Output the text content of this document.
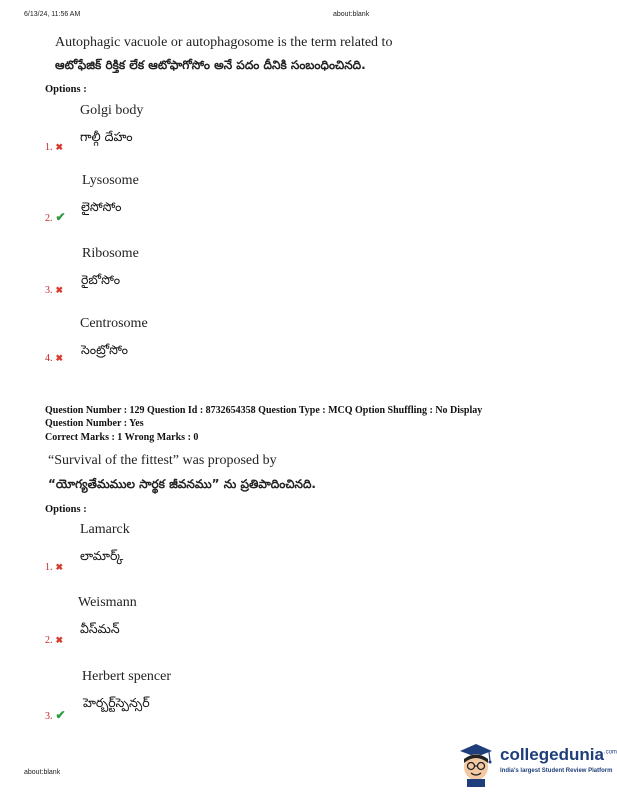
6/13/24, 11:56 AM	about:blank
Autophagic vacuole or autophagosome is the term related to
ఆటోఫేజిక్ రిక్తిక లేక ఆటోఫాగోసోం అనే పదం దీనికి సంబంధించినది.
Options :
Golgi body
గాల్గీ దేహం
1. ✖
Lysosome
లైసోసోం
2. ✔
Ribosome
రైబోసోం
3. ✖
Centrosome
సెంట్రోసోం
4. ✖
Question Number : 129 Question Id : 8732654358 Question Type : MCQ Option Shuffling : No Display
Question Number : Yes
Correct Marks : 1 Wrong Marks : 0
“Survival of the fittest” was proposed by
“యోగ్యతేమముల సార్థక జీవనము” ను ప్రతిపాదించినది.
Options :
Lamarck
లామార్క్
1. ✖
Weismann
వీస్‌మన్
2. ✖
Herbert spencer
హెర్బర్ట్‌స్పెన్సర్
3. ✔
about:blank
collegedunia$^{.com}$
India's largest Student Review Platform
